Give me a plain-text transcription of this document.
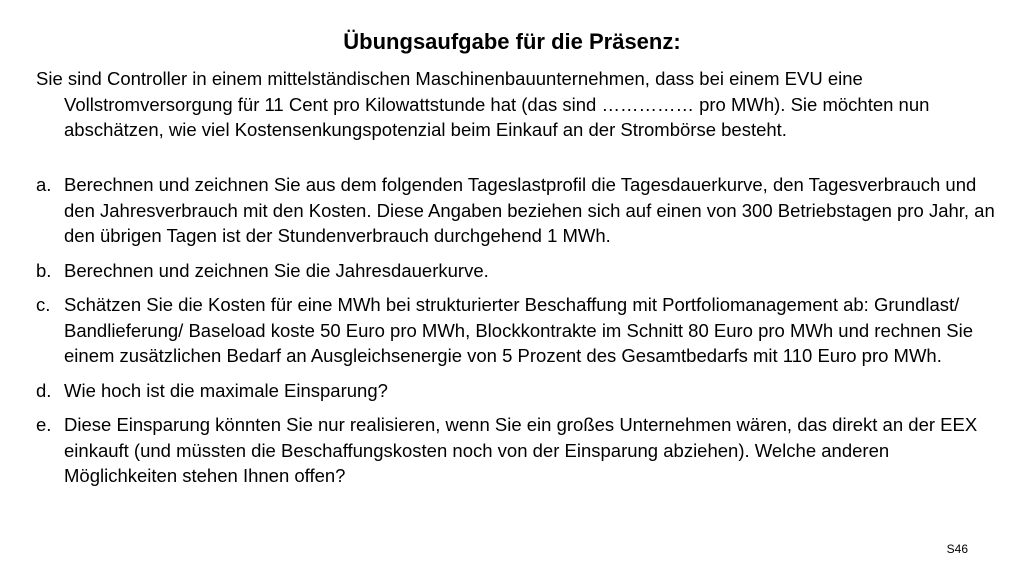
Übungsaufgabe für die Präsenz:
Sie sind Controller in einem mittelständischen Maschinenbauunternehmen, dass bei einem EVU eine
Vollstromversorgung für 11 Cent pro Kilowattstunde hat (das sind …………… pro MWh). Sie möchten nun abschätzen, wie viel Kostensenkungspotenzial beim Einkauf an der Strombörse besteht.
a. Berechnen und zeichnen Sie aus dem folgenden Tageslastprofil die Tagesdauerkurve, den Tagesverbrauch und den Jahresverbrauch mit den Kosten. Diese Angaben beziehen sich auf einen von 300 Betriebstagen pro Jahr, an den übrigen Tagen ist der Stundenverbrauch durchgehend 1 MWh.
b. Berechnen und zeichnen Sie die Jahresdauerkurve.
c. Schätzen Sie die Kosten für eine MWh bei strukturierter Beschaffung mit Portfoliomanagement ab: Grundlast/ Bandlieferung/ Baseload koste 50 Euro pro MWh, Blockkontrakte im Schnitt 80 Euro pro MWh und rechnen Sie einem zusätzlichen Bedarf an Ausgleichsenergie von 5 Prozent des Gesamtbedarfs mit 110 Euro pro MWh.
d. Wie hoch ist die maximale Einsparung?
e. Diese Einsparung könnten Sie nur realisieren, wenn Sie ein großes Unternehmen wären, das direkt an der EEX einkauft (und müssten die Beschaffungskosten noch von der Einsparung abziehen). Welche anderen Möglichkeiten stehen Ihnen offen?
S46
